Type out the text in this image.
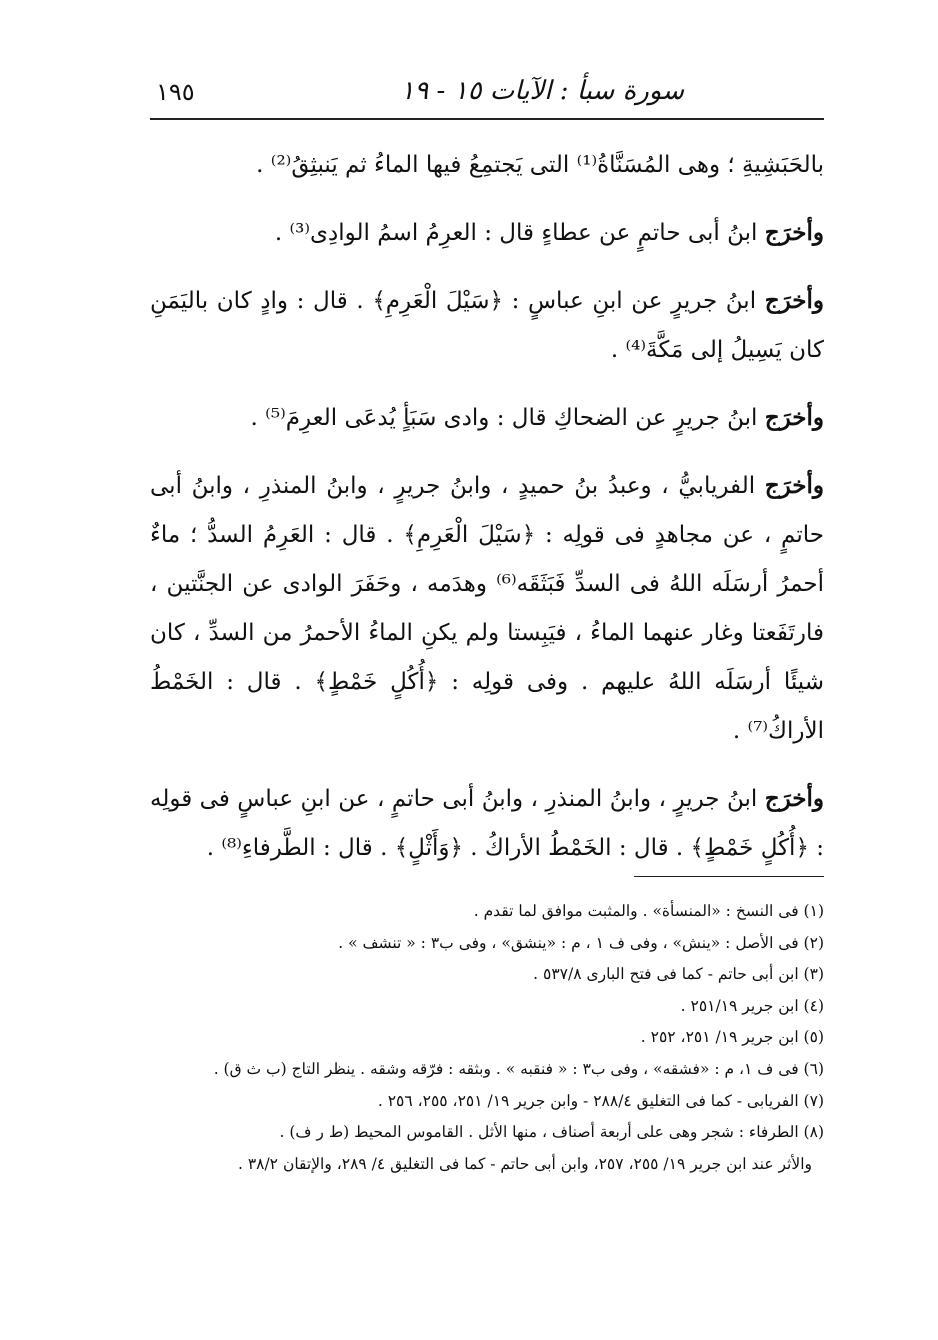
١٩٥	سورة سبأ : الآيات ١٥ - ١٩

بالحَبَشِيةِ ؛ وهى المُسَنَّاةُ⁽¹⁾ التى يَجتمِعُ فيها الماءُ ثم يَنبثِقُ⁽²⁾ .

وأخرَج ابنُ أبى حاتمٍ عن عطاءٍ قال : العرِمُ اسمُ الوادِى⁽³⁾ .

وأخرَج ابنُ جريرٍ عن ابنِ عباسٍ : ﴿سَيْلَ الْعَرِمِ﴾ . قال : وادٍ كان باليَمَنِ كان يَسِيلُ إلى مَكَّةَ⁽⁴⁾ .

وأخرَج ابنُ جريرٍ عن الضحاكِ قال : وادى سَبَأٍ يُدعَى العرِمَ⁽⁵⁾ .

وأخرَج الفريابيُّ ، وعبدُ بنُ حميدٍ ، وابنُ جريرٍ ، وابنُ المنذرِ ، وابنُ أبى حاتمٍ ، عن مجاهدٍ فى قولِه : ﴿سَيْلَ الْعَرِمِ﴾ . قال : العَرِمُ السدُّ ؛ ماءٌ أحمرُ أرسَلَه اللهُ فى السدِّ فَبَثَقَه⁽⁶⁾ وهدَمه ، وحَفَرَ الوادى عن الجنَّتين ، فارتَفَعتا وغار عنهما الماءُ ، فيَبِستا ولم يكنِ الماءُ الأحمرُ من السدِّ ، كان شيئًا أرسَلَه اللهُ عليهم . وفى قولِه : ﴿أُكُلٍ خَمْطٍ﴾ . قال : الخَمْطُ الأراكُ⁽⁷⁾ .

وأخرَج ابنُ جريرٍ ، وابنُ المنذرِ ، وابنُ أبى حاتمٍ ، عن ابنِ عباسٍ فى قولِه : ﴿أُكُلٍ خَمْطٍ﴾ . قال : الخَمْطُ الأراكُ . ﴿وَأَثْلٍ﴾ . قال : الطَّرفاءِ⁽⁸⁾ .

(١) فى النسخ : «المنسأة» . والمثبت موافق لما تقدم .
(٢) فى الأصل : «ينش» ، وفى ف ١ ، م : «ينشق» ، وفى ب٣ : « تنشف » .
(٣) ابن أبى حاتم - كما فى فتح البارى ٥٣٧/٨ .
(٤) ابن جرير ٢٥١/١٩ .
(٥) ابن جرير ١٩/ ٢٥١، ٢٥٢ .
(٦) فى ف ١، م : «فشقه» ، وفى ب٣ : « فنقبه » . وبثقه : فرّقه وشقه . ينظر التاج (ب ث ق) .
(٧) الفريابى - كما فى التغليق ٢٨٨/٤ - وابن جرير ١٩/ ٢٥١، ٢٥٥، ٢٥٦ .
(٨) الطرفاء : شجر وهى على أربعة أصناف ، منها الأثل . القاموس المحيط (ط ر ف) .
والأثر عند ابن جرير ١٩/ ٢٥٥، ٢٥٧، وابن أبى حاتم - كما فى التغليق ٤/ ٢٨٩، والإتقان ٣٨/٢ .
